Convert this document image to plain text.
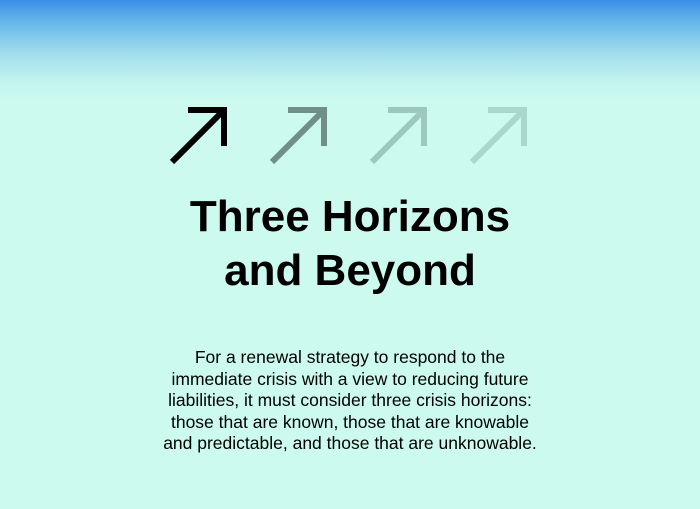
Three Horizons
and Beyond

For a renewal strategy to respond to the
immediate crisis with a view to reducing future
liabilities, it must consider three crisis horizons:
those that are known, those that are knowable
and predictable, and those that are unknowable.
